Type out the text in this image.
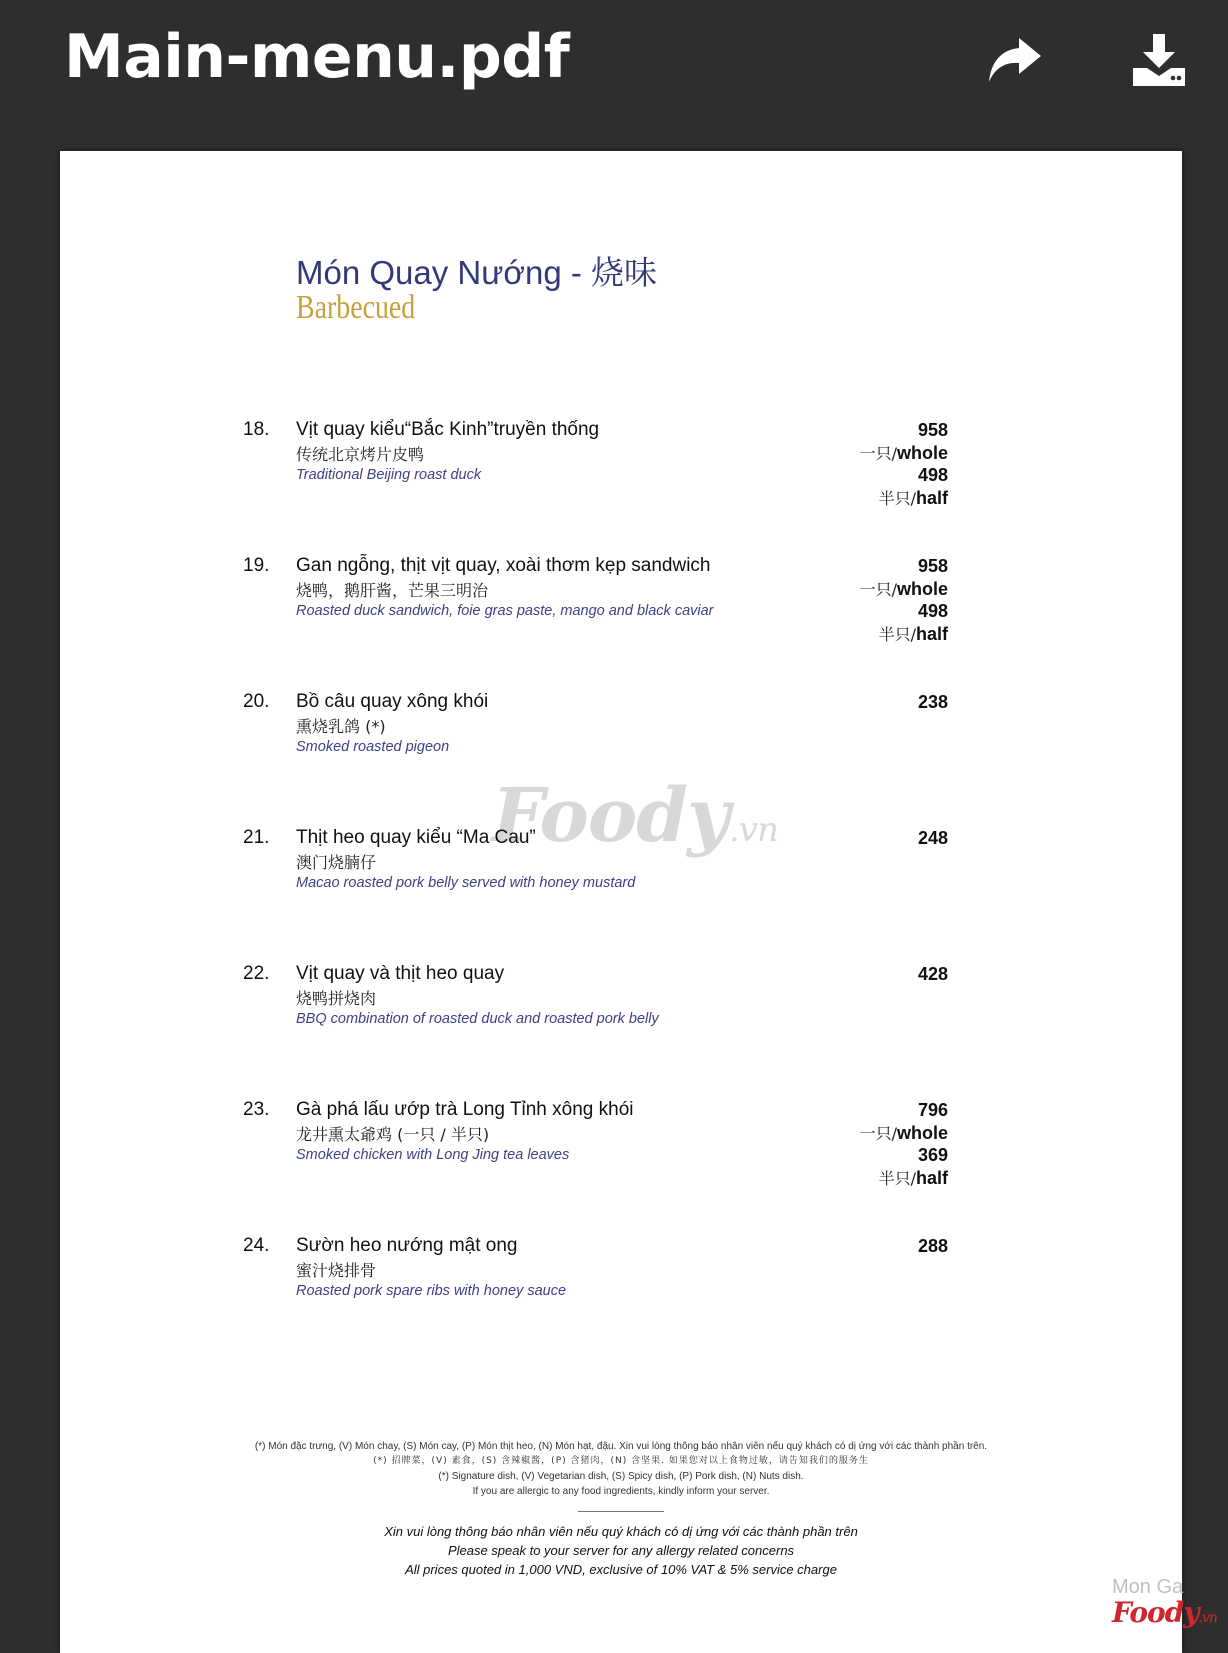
Main-menu.pdf
Món Quay Nướng - 烧味
Barbecued
Foody.vn
18. Vịt quay kiểu“Bắc Kinh”truyền thống
传统北京烤片皮鸭
Traditional Beijing roast duck
958
一只/whole
498
半只/half
19. Gan ngỗng, thịt vịt quay, xoài thơm kẹp sandwich
烧鸭，鹅肝酱，芒果三明治
Roasted duck sandwich, foie gras paste, mango and black caviar
958
一只/whole
498
半只/half
20. Bồ câu quay xông khói
熏烧乳鸽 (*)
Smoked roasted pigeon
238
21. Thịt heo quay kiểu “Ma Cau”
澳门烧腩仔
Macao roasted pork belly served with honey mustard
248
22. Vịt quay và thịt heo quay
烧鸭拼烧肉
BBQ combination of roasted duck and roasted pork belly
428
23. Gà phá lấu ướp trà Long Tỉnh xông khói
龙井熏太爺鸡 (一只 / 半只)
Smoked chicken with Long Jing tea leaves
796
一只/whole
369
半只/half
24. Sườn heo nướng mật ong
蜜汁烧排骨
Roasted pork spare ribs with honey sauce
288
(*) Món đặc trưng, (V) Món chay, (S) Món cay, (P) Món thịt heo, (N) Món hạt, đậu. Xin vui lòng thông báo nhân viên nếu quý khách có dị ứng với các thành phần trên.
(*) 招牌菜，(V) 素食，(S) 含辣椒酱，(P) 含猪肉，(N) 含坚果. 如果您对以上食物过敏，请告知我们的服务生
(*) Signature dish, (V) Vegetarian dish, (S) Spicy dish, (P) Pork dish, (N) Nuts dish.
If you are allergic to any food ingredients, kindly inform your server.
Xin vui lòng thông báo nhân viên nếu quý khách có dị ứng với các thành phần trên
Please speak to your server for any allergy related concerns
All prices quoted in 1,000 VND, exclusive of 10% VAT & 5% service charge
Mon Ga
Foody.vn
